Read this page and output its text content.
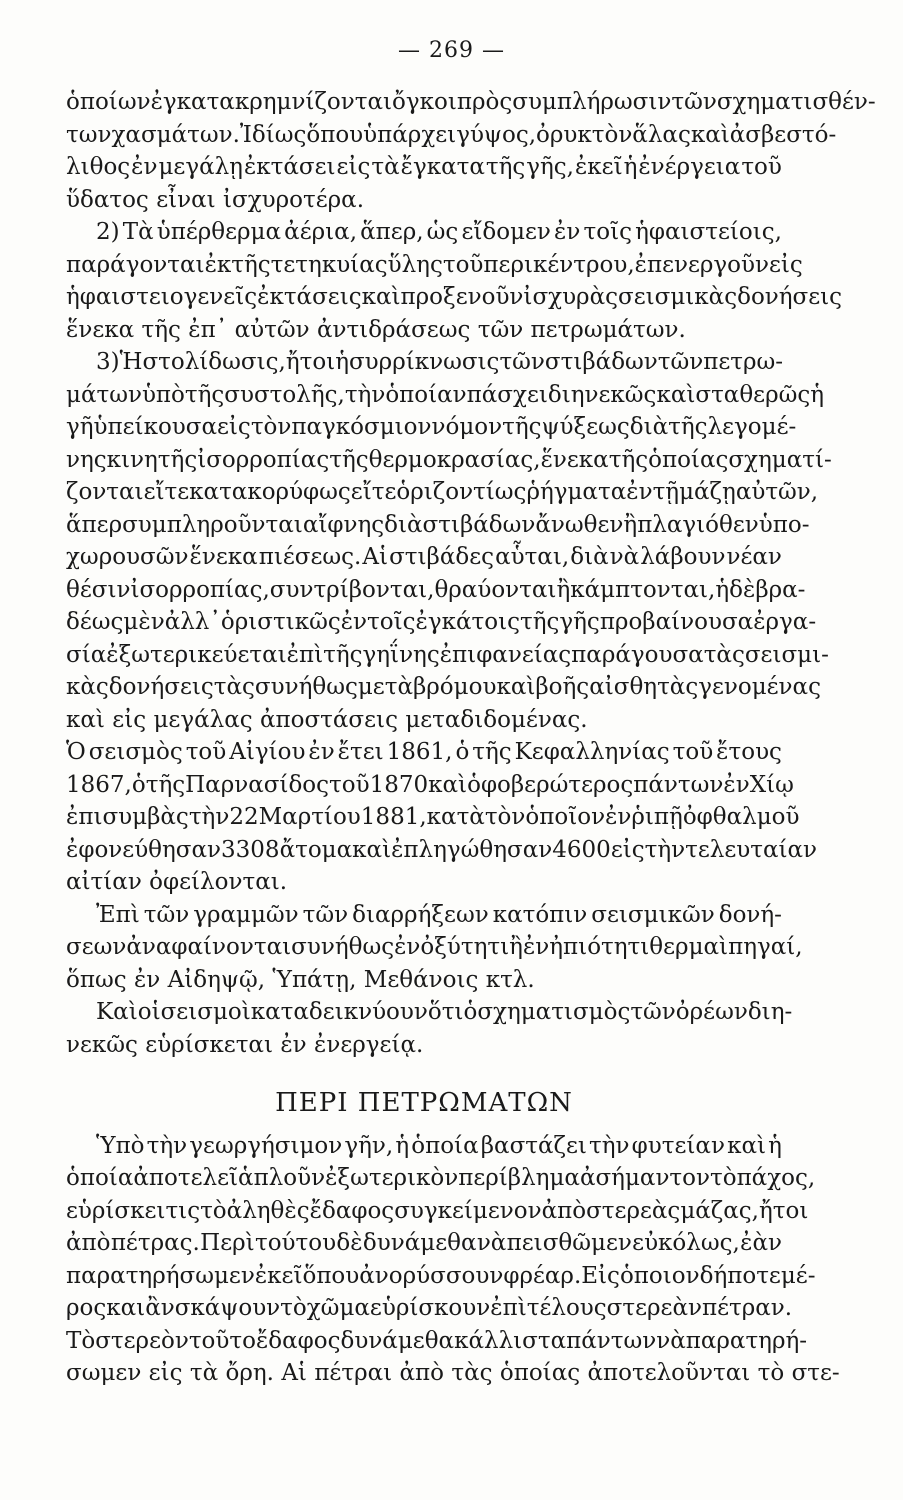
— 269 —
ὁποίων ἐγκατακρημνίζονται ὄγκοι πρὸς συμπλήρωσιν τῶν σχηματισθέν-
των χασμάτων. Ἰδίως ὅπου ὑπάρχει γύψος, ὀρυκτὸν ἅλας καὶ ἀσβεστό-
λιθος ἐν μεγάλῃ ἐκτάσει εἰς τὰ ἔγκατα τῆς γῆς, ἐκεῖ ἡ ἐνέργεια τοῦ
ὕδατος εἶναι ἰσχυροτέρα.
2) Τὰ ὑπέρθερμα ἀέρια, ἅπερ, ὡς εἴδομεν ἐν τοῖς ἡφαιστείοις,
παράγονται ἐκ τῆς τετηκυίας ὕλης τοῦ περικέντρου, ἐπενεργοῦν εἰς
ἡφαιστειογενεῖς ἐκτάσεις καὶ προξενοῦν ἰσχυρὰς σεισμικὰς δονήσεις
ἕνεκα τῆς ἐπ᾽ αὐτῶν ἀντιδράσεως τῶν πετρωμάτων.
3) Ἡ στολίδωσις, ἤτοι ἡ συρρίκνωσις τῶν στιβάδων τῶν πετρω-
μάτων ὑπὸ τῆς συστολῆς, τὴν ὁποίαν πάσχει διηνεκῶς καὶ σταθερῶς ἡ
γῆ ὑπείκουσα εἰς τὸν παγκόσμιον νόμον τῆς ψύξεως διὰ τῆς λεγομέ-
νης κινητῆς ἰσορροπίας τῆς θερμοκρασίας, ἕνεκα τῆς ὁποίας σχηματί-
ζονται εἴτε κατακορύφως εἴτε ὁριζοντίως ῥήγματα ἐν τῇ μάζῃ αὐτῶν,
ἅπερ συμπληροῦνται αἴφνης διὰ στιβάδων ἄνωθεν ἢ πλαγιόθεν ὑπο-
χωρουσῶν ἕνεκα πιέσεως. Αἱ στιβάδες αὗται, διὰ νὰ λάβουν νέαν
θέσιν ἰσορροπίας, συντρίβονται, θραύονται ἢ κάμπτονται, ἡ δὲ βρα-
δέως μὲν ἀλλ᾽ ὁριστικῶς ἐν τοῖς ἐγκάτοις τῆς γῆς προβαίνουσα ἐργα-
σία ἐξωτερικεύεται ἐπὶ τῆς γηΐνης ἐπιφανείας παράγουσα τὰς σεισμι-
κὰς δονήσεις τὰς συνήθως μετὰ βρόμου καὶ βοῆς αἰσθητὰς γενομένας
καὶ εἰς μεγάλας ἀποστάσεις μεταδιδομένας.
Ὁ σεισμὸς τοῦ Αἰγίου ἐν ἔτει 1861, ὁ τῆς Κεφαλληνίας τοῦ ἔτους
1867, ὁ τῆς Παρνασίδος τοῦ 1870 καὶ ὁ φοβερώτερος πάντων ἐν Χίῳ
ἐπισυμβὰς τὴν 22 Μαρτίου 1881, κατὰ τὸν ὁποῖον ἐν ῥιπῇ ὀφθαλμοῦ
ἐφονεύθησαν 3308 ἄτομα καὶ ἐπληγώθησαν 4600 εἰς τὴν τελευταίαν
αἰτίαν ὀφείλονται.
Ἐπὶ τῶν γραμμῶν τῶν διαρρήξεων κατόπιν σεισμικῶν δονή-
σεων ἀναφαίνονται συνήθως ἐν ὀξύτητι ἢ ἐν ἠπιότητι θερμαὶ πηγαί,
ὅπως ἐν Αἰδηψῷ, Ὑπάτῃ, Μεθάνοις κτλ.
Καὶ οἱ σεισμοὶ καταδεικνύουν ὅτι ὁ σχηματισμὸς τῶν ὀρέων διη-
νεκῶς εὑρίσκεται ἐν ἐνεργείᾳ.
ΠΕΡΙ ΠΕΤΡΩΜΑΤΩΝ
Ὑπὸ τὴν γεωργήσιμον γῆν, ἡ ὁποία βαστάζει τὴν φυτείαν καὶ ἡ
ὁποία ἀποτελεῖ ἁπλοῦν ἐξωτερικὸν περίβλημα ἀσήμαντον τὸ πάχος,
εὑρίσκει τις τὸ ἀληθὲς ἔδαφος συγκείμενον ἀπὸ στερεὰς μάζας, ἤτοι
ἀπὸ πέτρας. Περὶ τούτου δὲ δυνάμεθα νὰ πεισθῶμεν εὐκόλως, ἐὰν
παρατηρήσωμεν ἐκεῖ ὅπου ἀνορύσσουν φρέαρ. Εἰς ὁποιονδήποτε μέ-
ρος και ἂν σκάψουν τὸ χῶμα εὑρίσκουν ἐπὶ τέλους στερεὰν πέτραν.
Τὸ στερεὸν τοῦτο ἔδαφος δυνάμεθα κάλλιστα πάντων νὰ παρατηρή-
σωμεν εἰς τὰ ὄρη. Αἱ πέτραι ἀπὸ τὰς ὁποίας ἀποτελοῦνται τὸ στε-
